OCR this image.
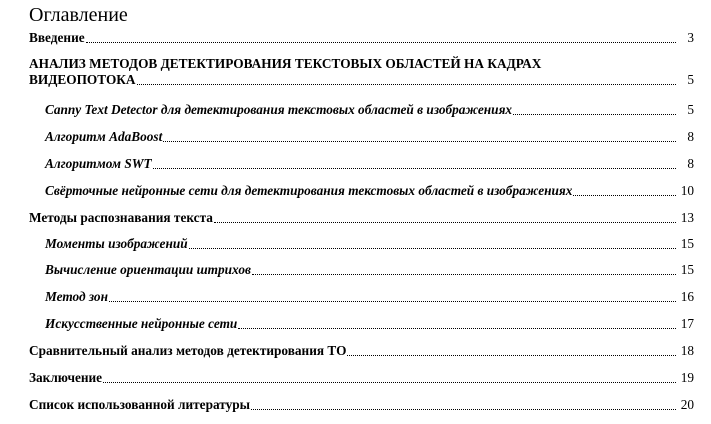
Оглавление
Введение	3
АНАЛИЗ МЕТОДОВ ДЕТЕКТИРОВАНИЯ ТЕКСТОВЫХ ОБЛАСТЕЙ НА КАДРАХ
ВИДЕОПОТОКА	5
Canny Text Detector для детектирования текстовых областей в изображениях	5
Алгоритм AdaBoost	8
Алгоритмом SWT	8
Свёрточные нейронные сети для детектирования текстовых областей в изображениях	10
Методы распознавания текста	13
Моменты изображений	15
Вычисление ориентации штрихов	15
Метод зон	16
Искусственные нейронные сети	17
Сравнительный анализ методов детектирования ТО	18
Заключение	19
Список использованной литературы	20
